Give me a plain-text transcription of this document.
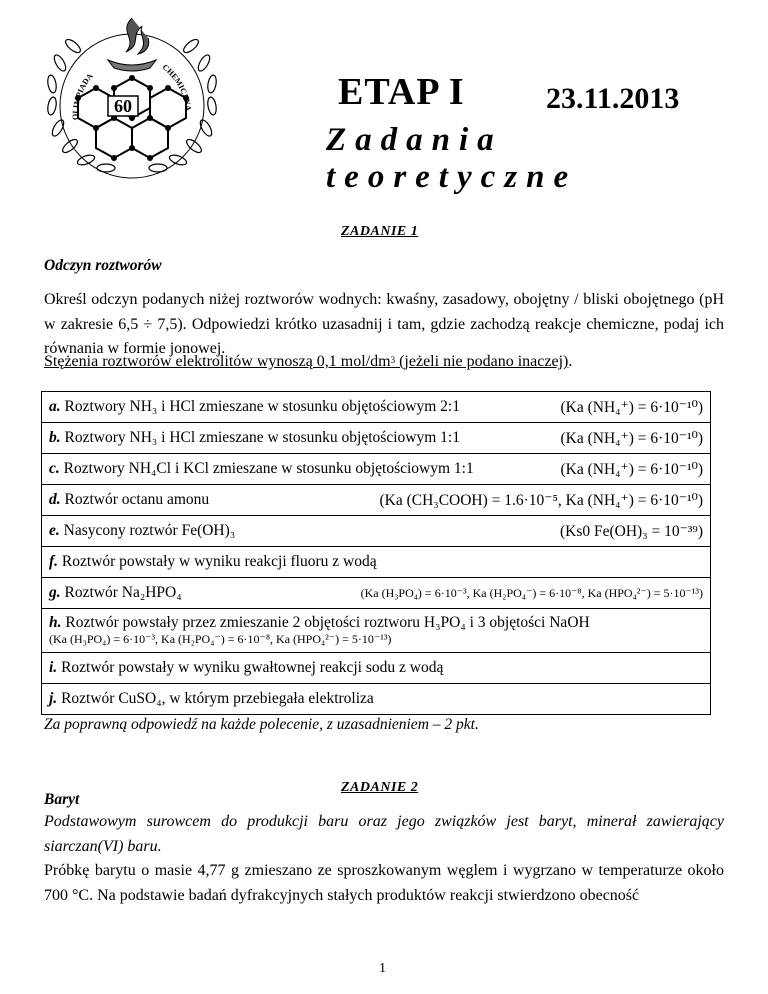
60
OLIMPIADA
CHEMICZNA	ETAP I	23.11.2013
Zadania teoretyczne
ZADANIE 1
Odczyn roztworów
Określ odczyn podanych niżej roztworów wodnych: kwaśny, zasadowy, obojętny / bliski obojętnego (pH w zakresie 6,5 ÷ 7,5). Odpowiedzi krótko uzasadnij i tam, gdzie zachodzą reakcje chemiczne, podaj ich równania w formie jonowej.
Stężenia roztworów elektrolitów wynoszą 0,1 mol/$dm^3$ (jeżeli nie podano inaczej).
a. Roztwory NH₃ i HCl zmieszane w stosunku objętościowym 2:1	(Ka (NH₄⁺) = 6·10⁻¹⁰)

b. Roztwory NH₃ i HCl zmieszane w stosunku objętościowym 1:1	(Ka (NH₄⁺) = 6·10⁻¹⁰)

c. Roztwory NH₄Cl i KCl zmieszane w stosunku objętościowym 1:1	(Ka (NH₄⁺) = 6·10⁻¹⁰)

d. Roztwór octanu amonu	(Ka (CH₃COOH) = 1.6·10⁻⁵, Ka (NH₄⁺) = 6·10⁻¹⁰)

e. Nasycony roztwór Fe(OH)₃	(Ks0 Fe(OH)₃ = 10⁻³⁹)

f. Roztwór powstały w wyniku reakcji fluoru z wodą

g. Roztwór Na₂HPO₄	(Ka (H₃PO₄) = 6·10⁻³, Ka (H₂PO₄⁻) = 6·10⁻⁸, Ka (HPO₄²⁻) = 5·10⁻¹³)

h. Roztwór powstały przez zmieszanie 2 objętości roztworu H₃PO₄ i 3 objętości NaOH
(Ka (H₃PO₄) = 6·10⁻³, Ka (H₂PO₄⁻) = 6·10⁻⁸, Ka (HPO₄²⁻) = 5·10⁻¹³)

i. Roztwór powstały w wyniku gwałtownej reakcji sodu z wodą

j. Roztwór CuSO₄, w którym przebiegała elektroliza
Za poprawną odpowiedź na każde polecenie, z uzasadnieniem – 2 pkt.
ZADANIE 2
Baryt
Podstawowym surowcem do produkcji baru oraz jego związków jest baryt, minerał zawierający siarczan(VI) baru.
Próbkę barytu o masie 4,77 g zmieszano ze sproszkowanym węglem i wygrzano w temperaturze około 700 °C. Na podstawie badań dyfrakcyjnych stałych produktów reakcji stwierdzono obecność
1
